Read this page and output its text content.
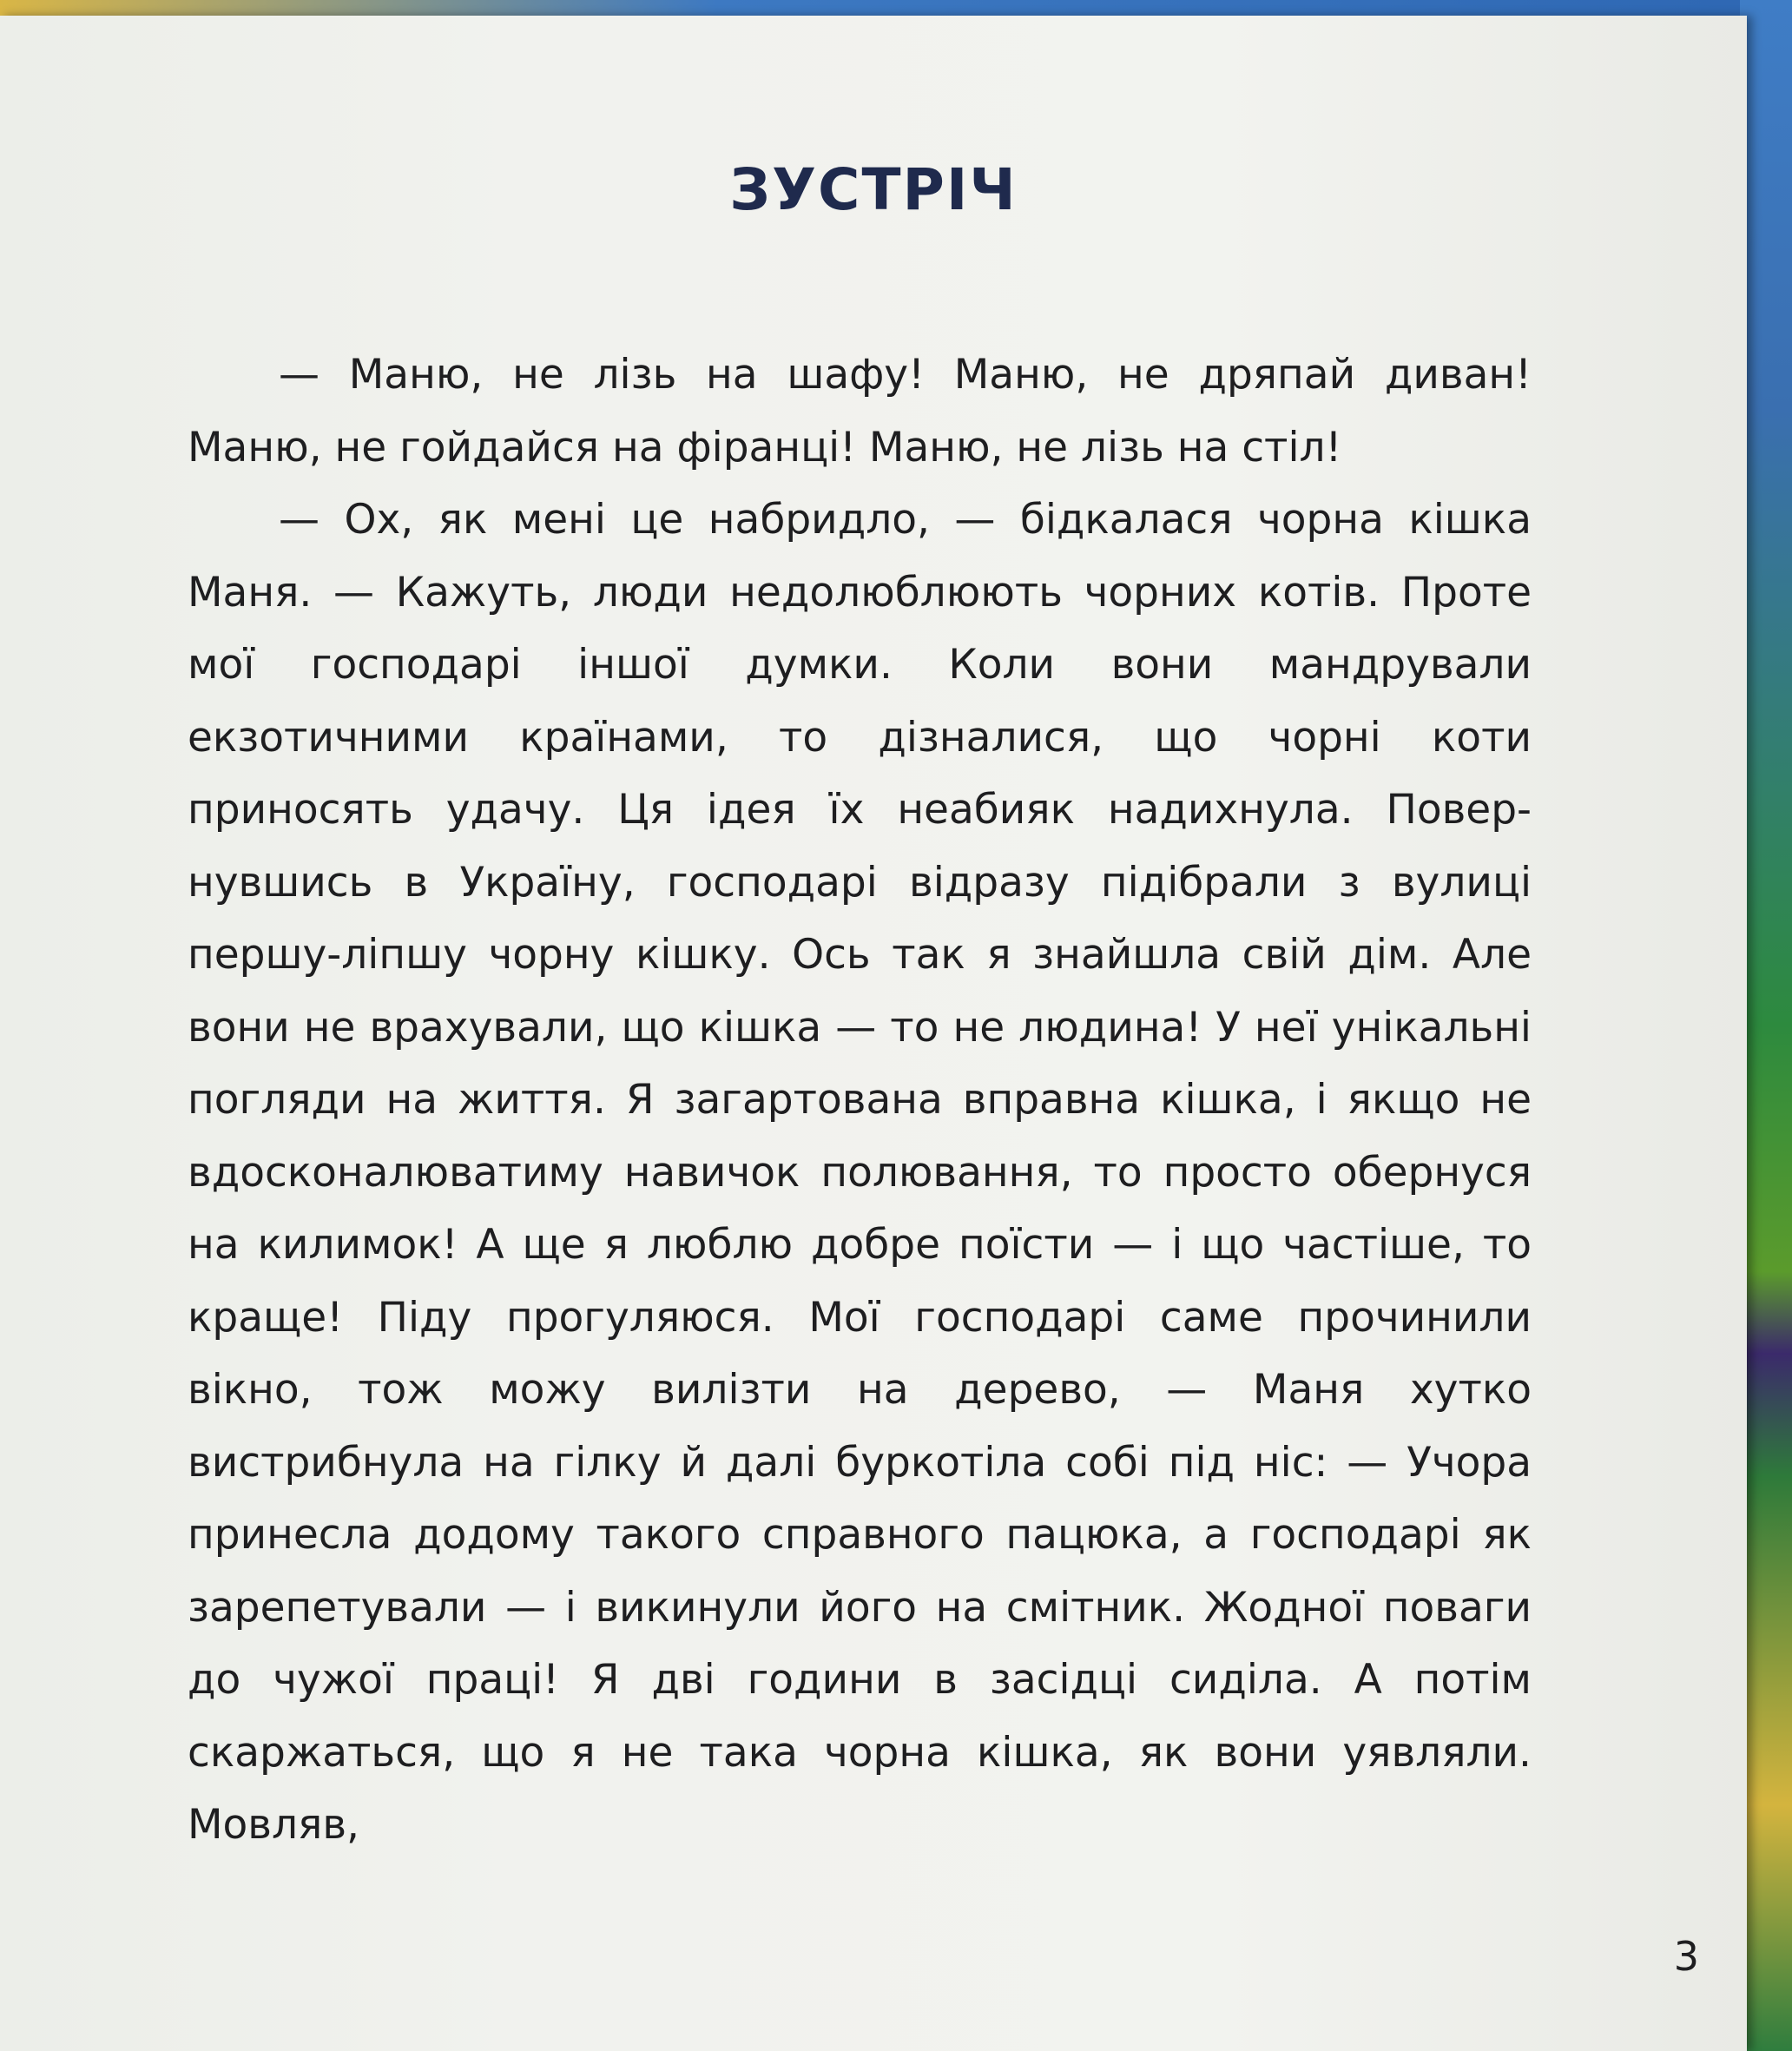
ЗУСТРІЧ

— Маню, не лізь на шафу! Маню, не дряпай диван! Маню, не гойдайся на фіранці! Маню, не лізь на стіл!

— Ох, як мені це набридло, — бідкалася чорна кішка Маня. — Кажуть, люди недолюблюють чорних котів. Проте мої господарі іншої думки. Коли вони мандрували екзотичними країнами, то дізналися, що чорні коти приносять удачу. Ця ідея їх неабияк надихнула. Повернувшись в Україну, господарі відразу підібрали з вулиці першу-ліпшу чорну кішку. Ось так я знайшла свій дім. Але вони не врахували, що кішка — то не людина! У неї унікальні погляди на життя. Я загартована вправна кішка, і якщо не вдосконалюватиму навичок полювання, то просто обернуся на килимок! А ще я люблю добре поїсти — і що частіше, то краще! Піду прогуляюся. Мої господарі саме прочинили вікно, тож можу вилізти на дерево, — Маня хутко вистрибнула на гілку й далі буркотіла собі під ніс: — Учора принесла додому такого справного пацюка, а господарі як зарепетували — і викинули його на смітник. Жодної поваги до чужої праці! Я дві години в засідці сиділа. А потім скаржаться, що я не така чорна кішка, як вони уявляли. Мовляв,

3
